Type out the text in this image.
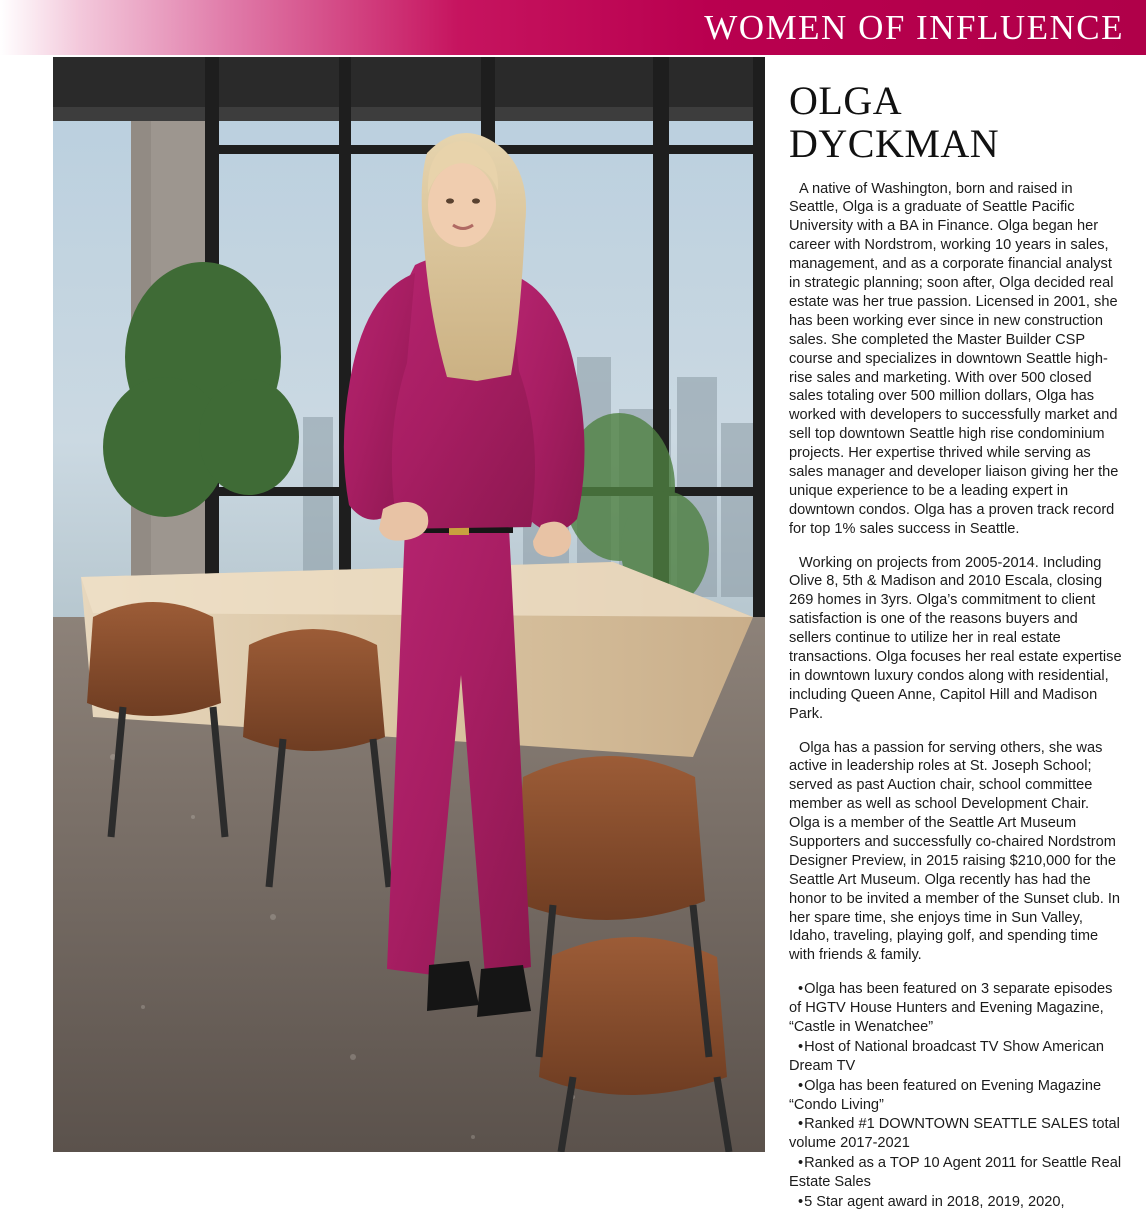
WOMEN OF INFLUENCE
OLGA
DYCKMAN

A native of Washington, born and raised in Seattle, Olga is a graduate of Seattle Pacific University with a BA in Finance. Olga began her career with Nordstrom, working 10 years in sales, management, and as a corporate financial analyst in strategic planning; soon after, Olga decided real estate was her true passion. Licensed in 2001, she has been working ever since in new construction sales. She completed the Master Builder CSP course and specializes in downtown Seattle high-rise sales and marketing. With over 500 closed sales totaling over 500 million dollars, Olga has worked with developers to successfully market and sell top downtown Seattle high rise condominium projects. Her expertise thrived while serving as sales manager and developer liaison giving her the unique experience to be a leading expert in downtown condos. Olga has a proven track record for top 1% sales success in Seattle.

Working on projects from 2005-2014. Including Olive 8, 5th & Madison and 2010 Escala, closing 269 homes in 3yrs. Olga’s commitment to client satisfaction is one of the reasons buyers and sellers continue to utilize her in real estate transactions. Olga focuses her real estate expertise in downtown luxury condos along with residential, including Queen Anne, Capitol Hill and Madison Park.

Olga has a passion for serving others, she was active in leadership roles at St. Joseph School; served as past Auction chair, school committee member as well as school Development Chair. Olga is a member of the Seattle Art Museum Supporters and successfully co-chaired Nordstrom Designer Preview, in 2015 raising $210,000 for the Seattle Art Museum. Olga recently has had the honor to be invited a member of the Sunset club. In her spare time, she enjoys time in Sun Valley, Idaho, traveling, playing golf, and spending time with friends & family.

• Olga has been featured on 3 separate episodes of HGTV House Hunters and Evening Magazine, “Castle in Wenatchee”
• Host of National broadcast TV Show American Dream TV
• Olga has been featured on Evening Magazine “Condo Living”
• Ranked #1 DOWNTOWN SEATTLE SALES total volume 2017-2021
• Ranked as a TOP 10 Agent 2011 for Seattle Real Estate Sales
• 5 Star agent award in 2018, 2019, 2020,
